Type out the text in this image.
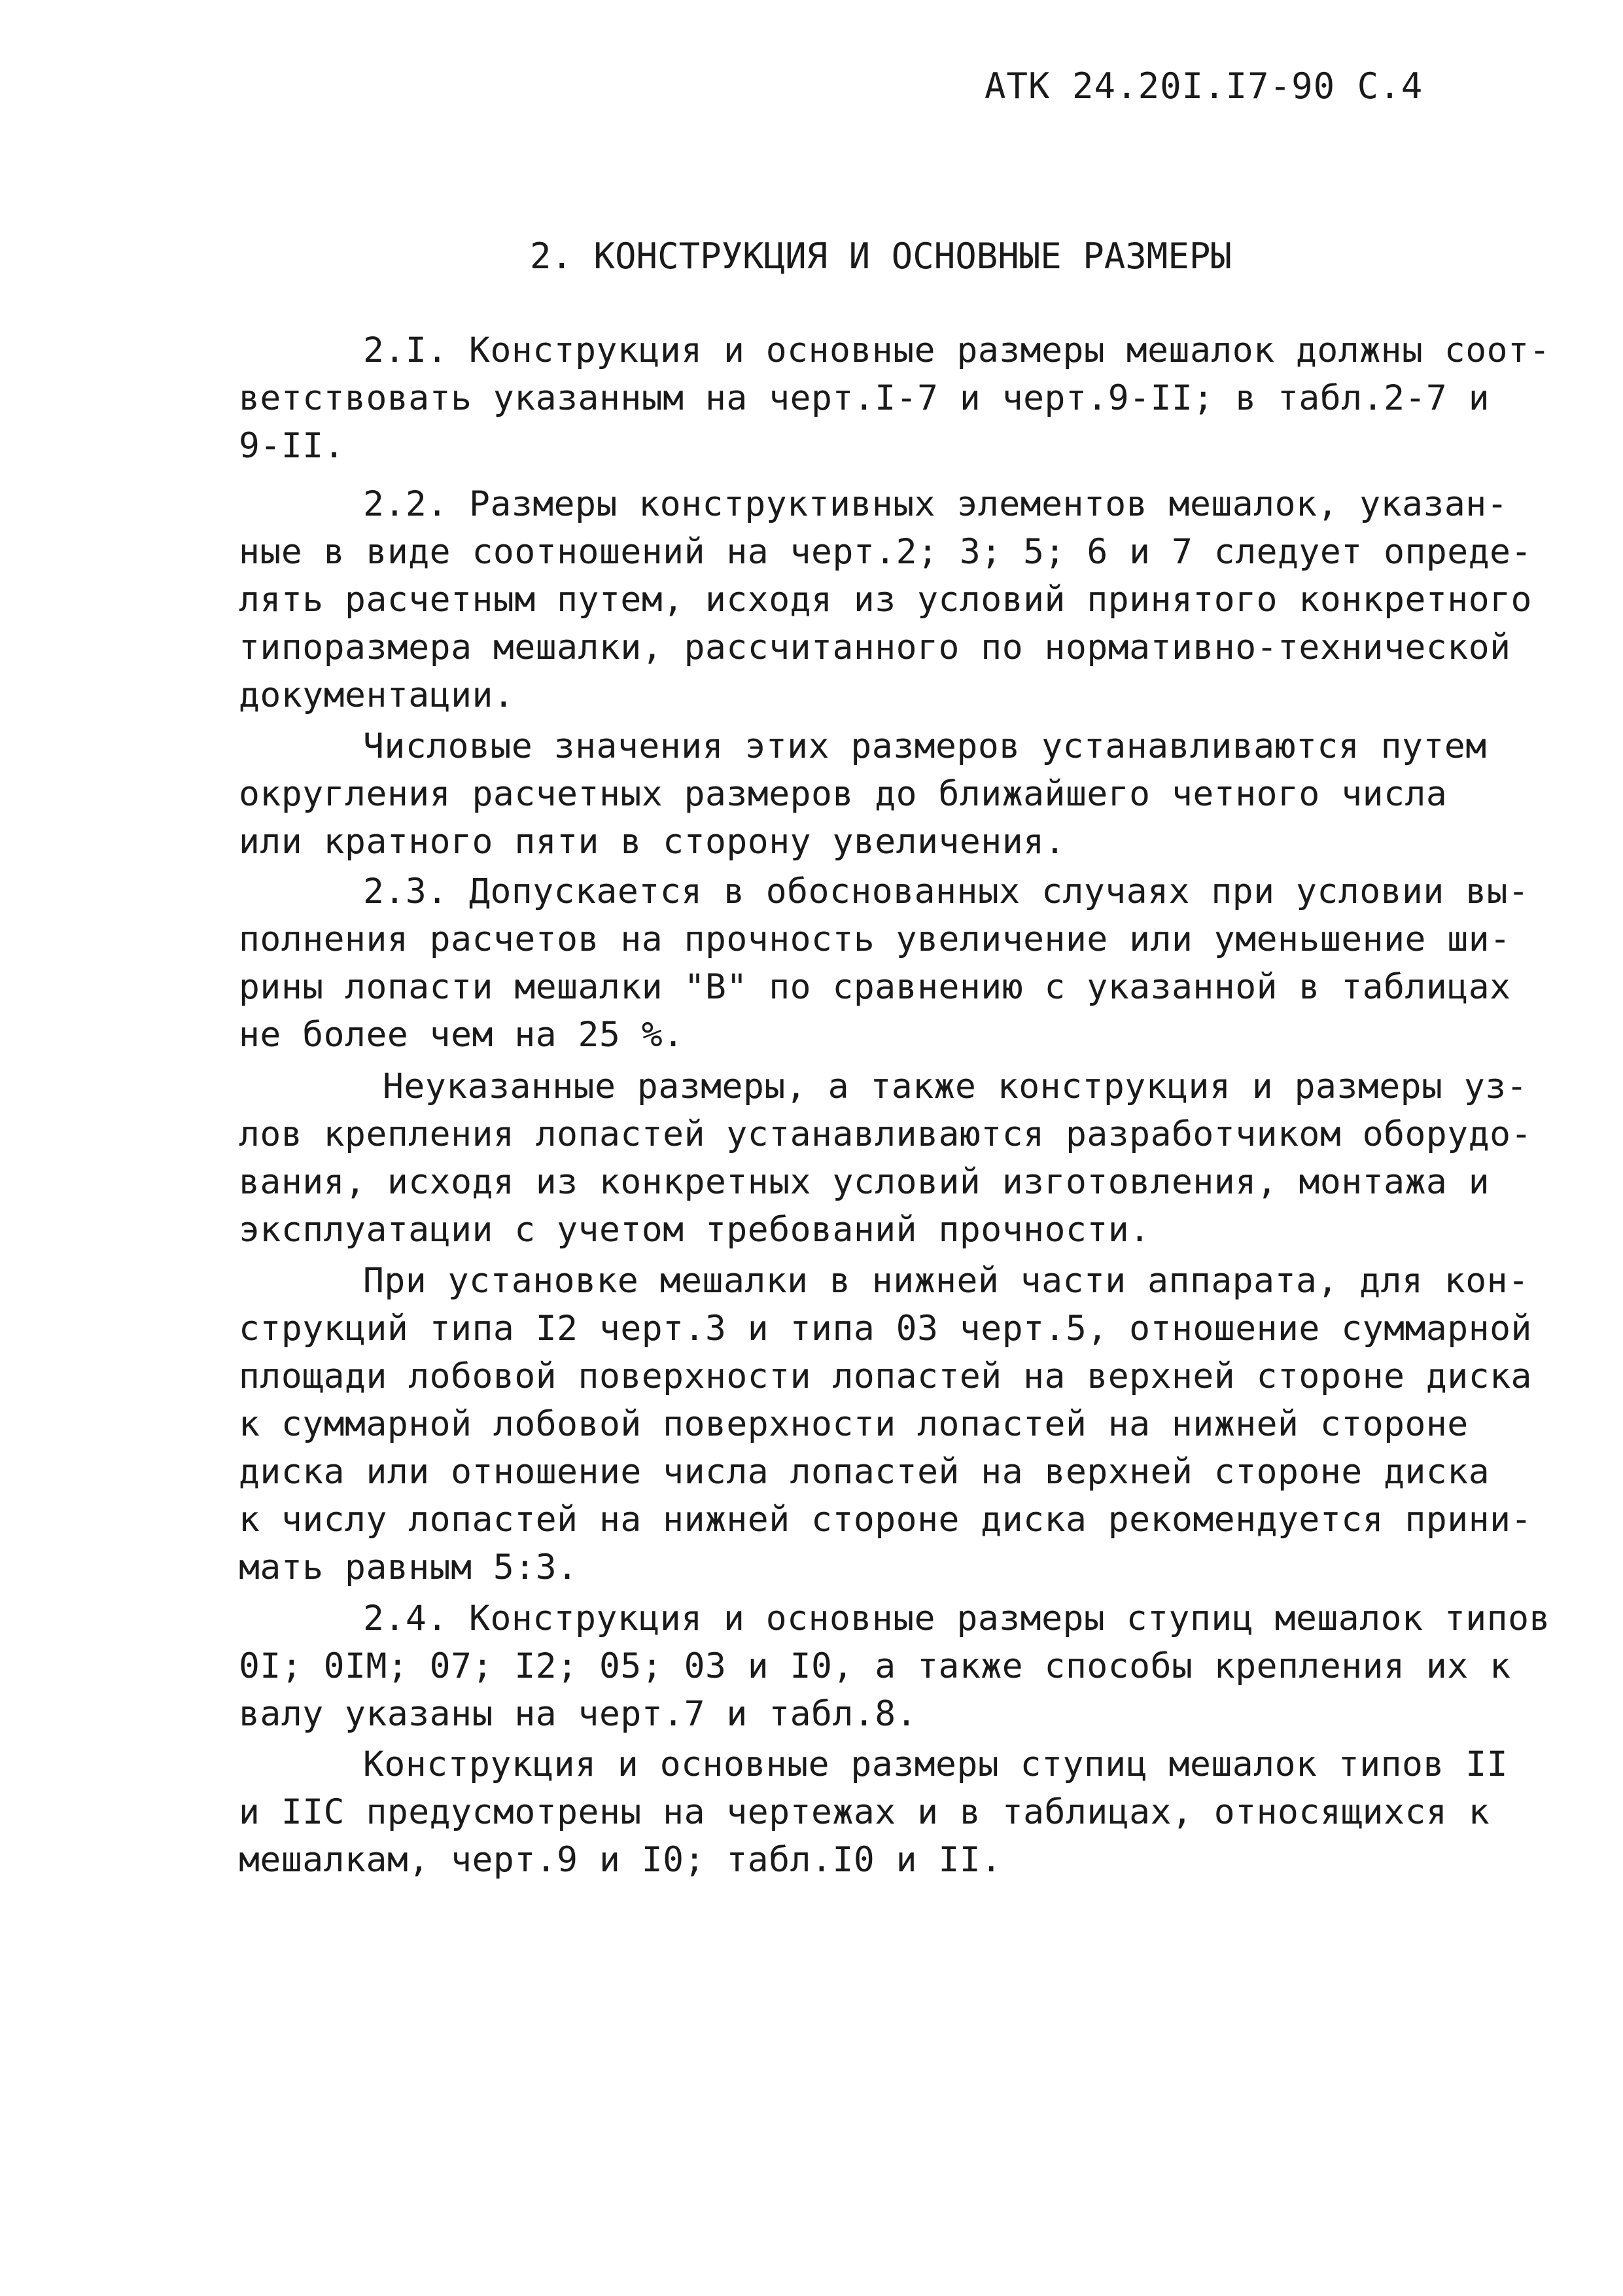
АТК 24.20I.I7-90 С.4
2. КОНСТРУКЦИЯ И ОСНОВНЫЕ РАЗМЕРЫ
2.I. Конструкция и основные размеры мешалок должны соот-
ветствовать указанным на черт.I-7 и черт.9-II; в табл.2-7 и
9-II.
2.2. Размеры конструктивных элементов мешалок, указан-
ные в виде соотношений на черт.2; 3; 5; 6 и 7 следует опреде-
лять расчетным путем, исходя из условий принятого конкретного
типоразмера мешалки, рассчитанного по нормативно-технической
документации.
Числовые значения этих размеров устанавливаются путем
округления расчетных размеров до ближайшего четного числа
или кратного пяти в сторону увеличения.
2.3. Допускается в обоснованных случаях при условии вы-
полнения расчетов на прочность увеличение или уменьшение ши-
рины лопасти мешалки "В" по сравнению с указанной в таблицах
не более чем на 25 %.
Неуказанные размеры, а также конструкция и размеры уз-
лов крепления лопастей устанавливаются разработчиком оборудо-
вания, исходя из конкретных условий изготовления, монтажа и
эксплуатации с учетом требований прочности.
При установке мешалки в нижней части аппарата, для кон-
струкций типа I2 черт.3 и типа 03 черт.5, отношение суммарной
площади лобовой поверхности лопастей на верхней стороне диска
к суммарной лобовой поверхности лопастей на нижней стороне
диска или отношение числа лопастей на верхней стороне диска
к числу лопастей на нижней стороне диска рекомендуется прини-
мать равным 5:3.
2.4. Конструкция и основные размеры ступиц мешалок типов
0I; 0IМ; 07; I2; 05; 03 и I0, а также способы крепления их к
валу указаны на черт.7 и табл.8.
Конструкция и основные размеры ступиц мешалок типов II
и IIС предусмотрены на чертежах и в таблицах, относящихся к
мешалкам, черт.9 и I0; табл.I0 и II.
